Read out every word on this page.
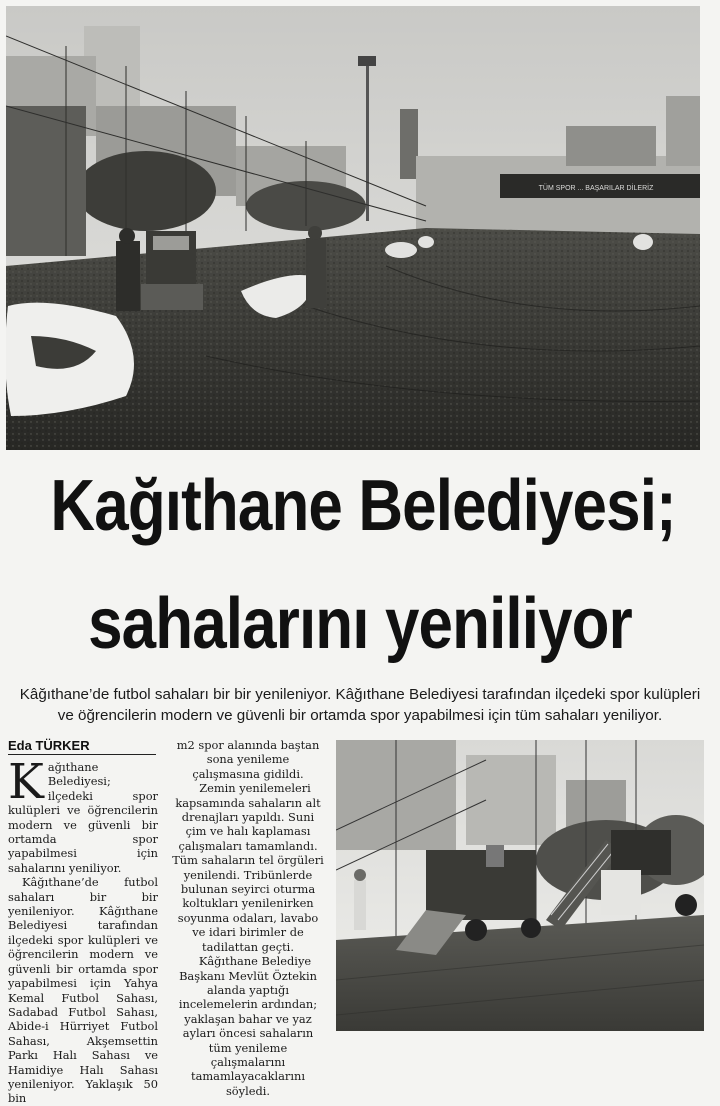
TÜM SPOR ... BAŞARILAR DİLERİZ
Kağıthane Belediyesi;
sahalarını yeniliyor
Kâğıthane’de futbol sahaları bir bir yenileniyor. Kâğıthane Belediyesi tarafından ilçedeki spor kulüpleri ve öğrencilerin modern ve güvenli bir ortamda spor yapabilmesi için tüm sahaları yeniliyor.
Eda TÜRKER
K ağıthane Belediyesi; ilçedeki spor kulüpleri ve öğrencilerin modern ve güvenli bir ortamda spor yapabilmesi için sahalarını yeniliyor.

Kâğıthane’de futbol sahaları bir bir yenileniyor. Kâğıthane Belediyesi tarafından ilçedeki spor kulüpleri ve öğrencilerin modern ve güvenli bir ortamda spor yapabilmesi için Yahya Kemal Futbol Sahası, Sadabad Futbol Sahası, Abide-i Hürriyet Futbol Sahası, Akşemsettin Parkı Halı Sahası ve Hamidiye Halı Sahası yenileniyor. Yaklaşık 50 bin

m2 spor alanında baştan sona yenileme çalışmasına gidildi.

Zemin yenilemeleri kapsamında sahaların alt drenajları yapıldı. Suni çim ve halı kaplaması çalışmaları tamamlandı. Tüm sahaların tel örgüleri yenilendi. Tribünlerde bulunan seyirci oturma koltukları yenilenirken soyunma odaları, lavabo ve idari birimler de tadilattan geçti.

Kâğıthane Belediye Başkanı Mevlüt Öztekin alanda yaptığı incelemelerin ardından; yaklaşan bahar ve yaz ayları öncesi sahaların tüm yenileme çalışmalarını tamamlayacaklarını söyledi.
